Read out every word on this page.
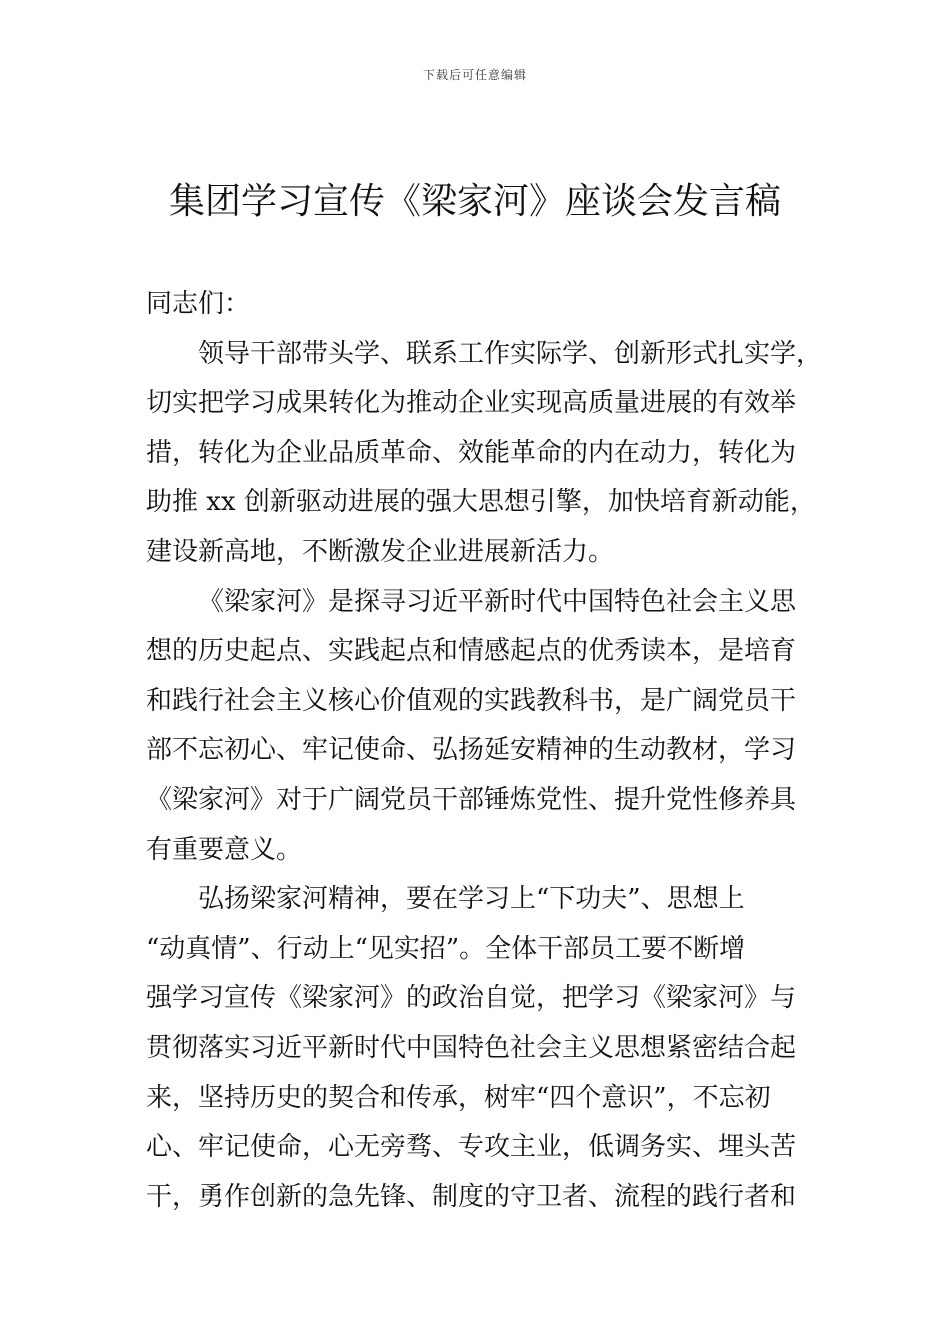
下载后可任意编辑
集团学习宣传《梁家河》座谈会发言稿

同志们：

领导干部带头学、联系工作实际学、创新形式扎实学，
切实把学习成果转化为推动企业实现高质量进展的有效举
措，转化为企业品质革命、效能革命的内在动力，转化为
助推 xx 创新驱动进展的强大思想引擎，加快培育新动能，
建设新高地，不断激发企业进展新活力。
《梁家河》是探寻习近平新时代中国特色社会主义思
想的历史起点、实践起点和情感起点的优秀读本，是培育
和践行社会主义核心价值观的实践教科书，是广阔党员干
部不忘初心、牢记使命、弘扬延安精神的生动教材，学习
《梁家河》对于广阔党员干部锤炼党性、提升党性修养具
有重要意义。
弘扬梁家河精神，要在学习上“下功夫”、思想上
“动真情”、行动上“见实招”。全体干部员工要不断增
强学习宣传《梁家河》的政治自觉，把学习《梁家河》与
贯彻落实习近平新时代中国特色社会主义思想紧密结合起
来，坚持历史的契合和传承，树牢“四个意识”，不忘初
心、牢记使命，心无旁骛、专攻主业，低调务实、埋头苦
干，勇作创新的急先锋、制度的守卫者、流程的践行者和
